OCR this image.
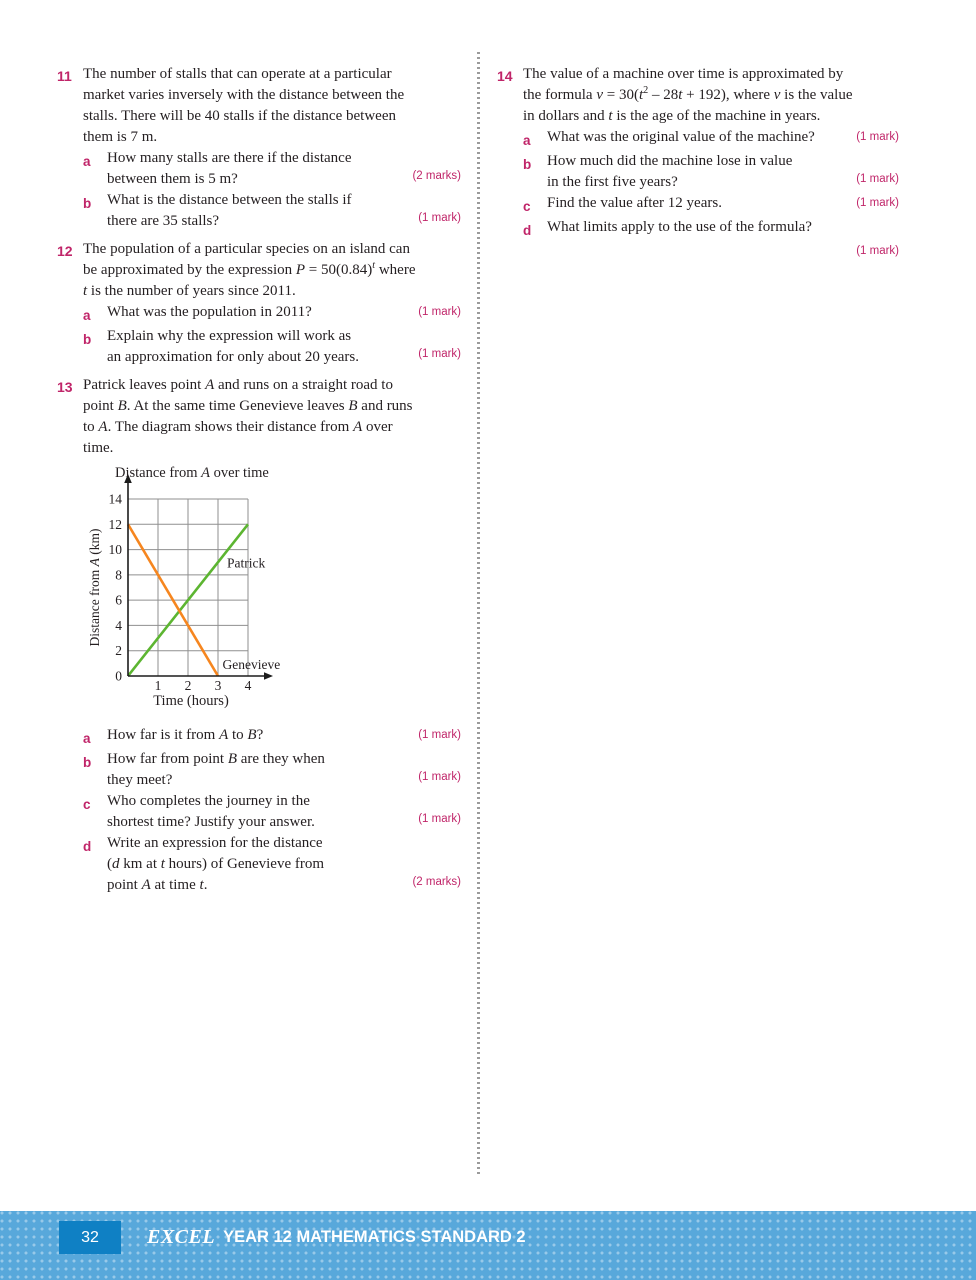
11 The number of stalls that can operate at a particular
market varies inversely with the distance between the
stalls. There will be 40 stalls if the distance between
them is 7 m.
a	How many stalls are there if the distance
between them is 5 m?	(2 marks)
b	What is the distance between the stalls if
there are 35 stalls?	(1 mark)
12 The population of a particular species on an island can
be approximated by the expression $P = 50(0.84)^t$ where
t is the number of years since 2011.
a	What was the population in 2011?	(1 mark)
b	Explain why the expression will work as
an approximation for only about 20 years.	(1 mark)
13 Patrick leaves point A and runs on a straight road to
point B. At the same time Genevieve leaves B and runs
to A. The diagram shows their distance from A over
time.
Patrick
Genevieve
0
2
4
6
8
10
12
14
1 2 3 4
Distance from A over time
Time (hours)
Distance from A (km)
a	How far is it from A to B?	(1 mark)
b	How far from point B are they when
they meet?	(1 mark)
c	Who completes the journey in the
shortest time? Justify your answer.	(1 mark)
d	Write an expression for the distance
(d km at t hours) of Genevieve from
point A at time t.	(2 marks)
14 The value of a machine over time is approximated by
the formula $v = 30(t^2 - 28t + 192)$, where v is the value
in dollars and t is the age of the machine in years.
a	What was the original value of the machine?	(1 mark)
b	How much did the machine lose in value
in the first five years?	(1 mark)
c	Find the value after 12 years.	(1 mark)
d	What limits apply to the use of the formula?
(1 mark)
32 EXCEL YEAR 12 MATHEMATICS STANDARD 2
